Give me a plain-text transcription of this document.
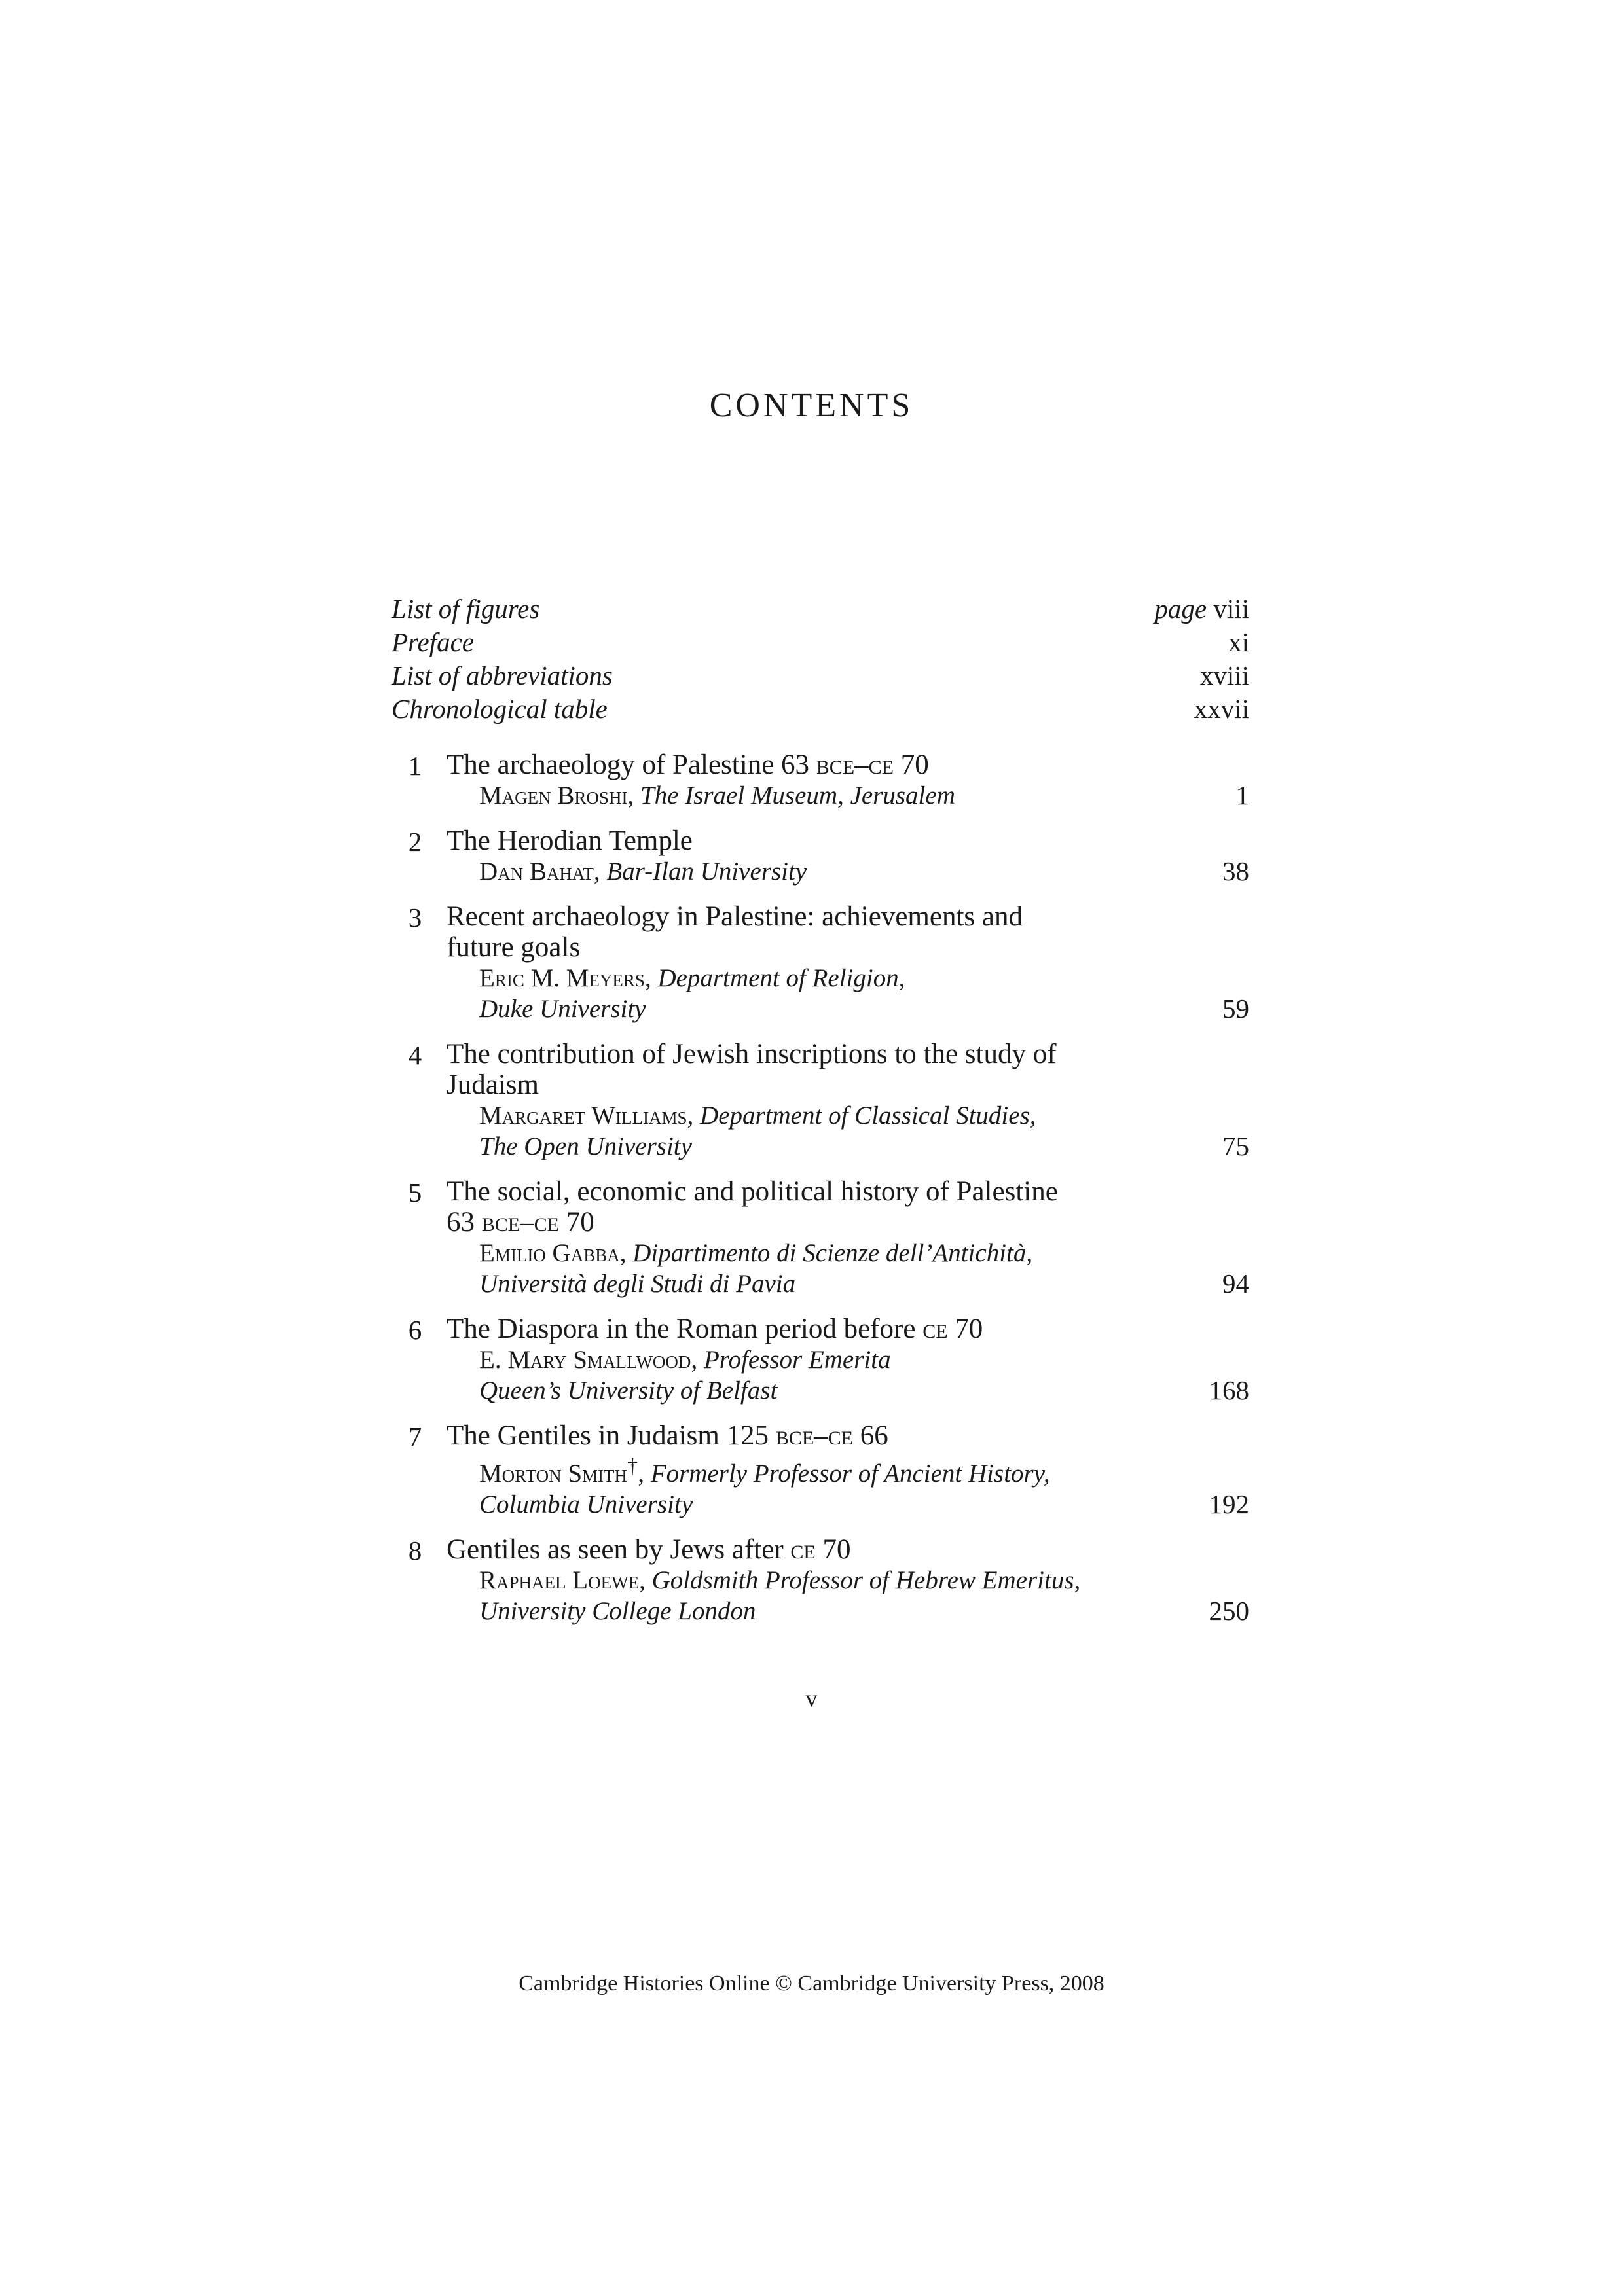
CONTENTS
List of figures	page viii
Preface	xi
List of abbreviations	xviii
Chronological table	xxvii
1 The archaeology of Palestine 63 bce–ce 70
Magen Broshi, The Israel Museum, Jerusalem	1
2 The Herodian Temple
Dan Bahat, Bar-Ilan University	38
3 Recent archaeology in Palestine: achievements and
future goals
Eric M. Meyers, Department of Religion,
Duke University	59
4 The contribution of Jewish inscriptions to the study of
Judaism
Margaret Williams, Department of Classical Studies,
The Open University	75
5 The social, economic and political history of Palestine
63 bce–ce 70
Emilio Gabba, Dipartimento di Scienze dell’Antichità,
Università degli Studi di Pavia	94
6 The Diaspora in the Roman period before ce 70
E. Mary Smallwood, Professor Emerita
Queen’s University of Belfast	168
7 The Gentiles in Judaism 125 bce–ce 66
Morton Smith†, Formerly Professor of Ancient History,
Columbia University	192
8 Gentiles as seen by Jews after ce 70
Raphael Loewe, Goldsmith Professor of Hebrew Emeritus,
University College London	250
v
Cambridge Histories Online © Cambridge University Press, 2008
